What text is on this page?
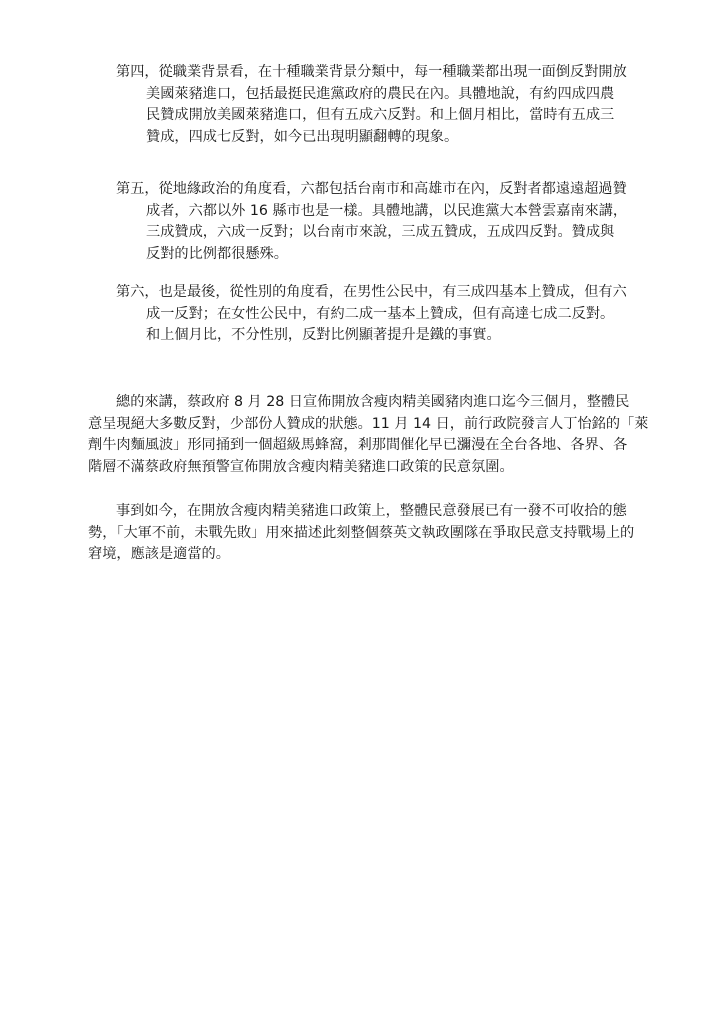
第四，從職業背景看，在十種職業背景分類中，每一種職業都出現一面倒反對開放
美國萊豬進口，包括最挺民進黨政府的農民在內。具體地說，有約四成四農
民贊成開放美國萊豬進口，但有五成六反對。和上個月相比，當時有五成三
贊成，四成七反對，如今已出現明顯翻轉的現象。
第五，從地緣政治的角度看，六都包括台南市和高雄市在內，反對者都遠遠超過贊
成者，六都以外 16 縣市也是一樣。具體地講，以民進黨大本營雲嘉南來講，
三成贊成，六成一反對；以台南市來說，三成五贊成，五成四反對。贊成與
反對的比例都很懸殊。
第六，也是最後，從性別的角度看，在男性公民中，有三成四基本上贊成，但有六
成一反對；在女性公民中，有約二成一基本上贊成，但有高達七成二反對。
和上個月比，不分性別，反對比例顯著提升是鐵的事實。
總的來講，蔡政府 8 月 28 日宣佈開放含瘦肉精美國豬肉進口迄今三個月，整體民
意呈現絕大多數反對，少部份人贊成的狀態。11 月 14 日，前行政院發言人丁怡銘的「萊
劑牛肉麵風波」形同捅到一個超級馬蜂窩，剎那間催化早已瀰漫在全台各地、各界、各
階層不滿蔡政府無預警宣佈開放含瘦肉精美豬進口政策的民意氛圍。
事到如今，在開放含瘦肉精美豬進口政策上，整體民意發展已有一發不可收拾的態
勢，「大軍不前，未戰先敗」用來描述此刻整個蔡英文執政團隊在爭取民意支持戰場上的
窘境，應該是適當的。
